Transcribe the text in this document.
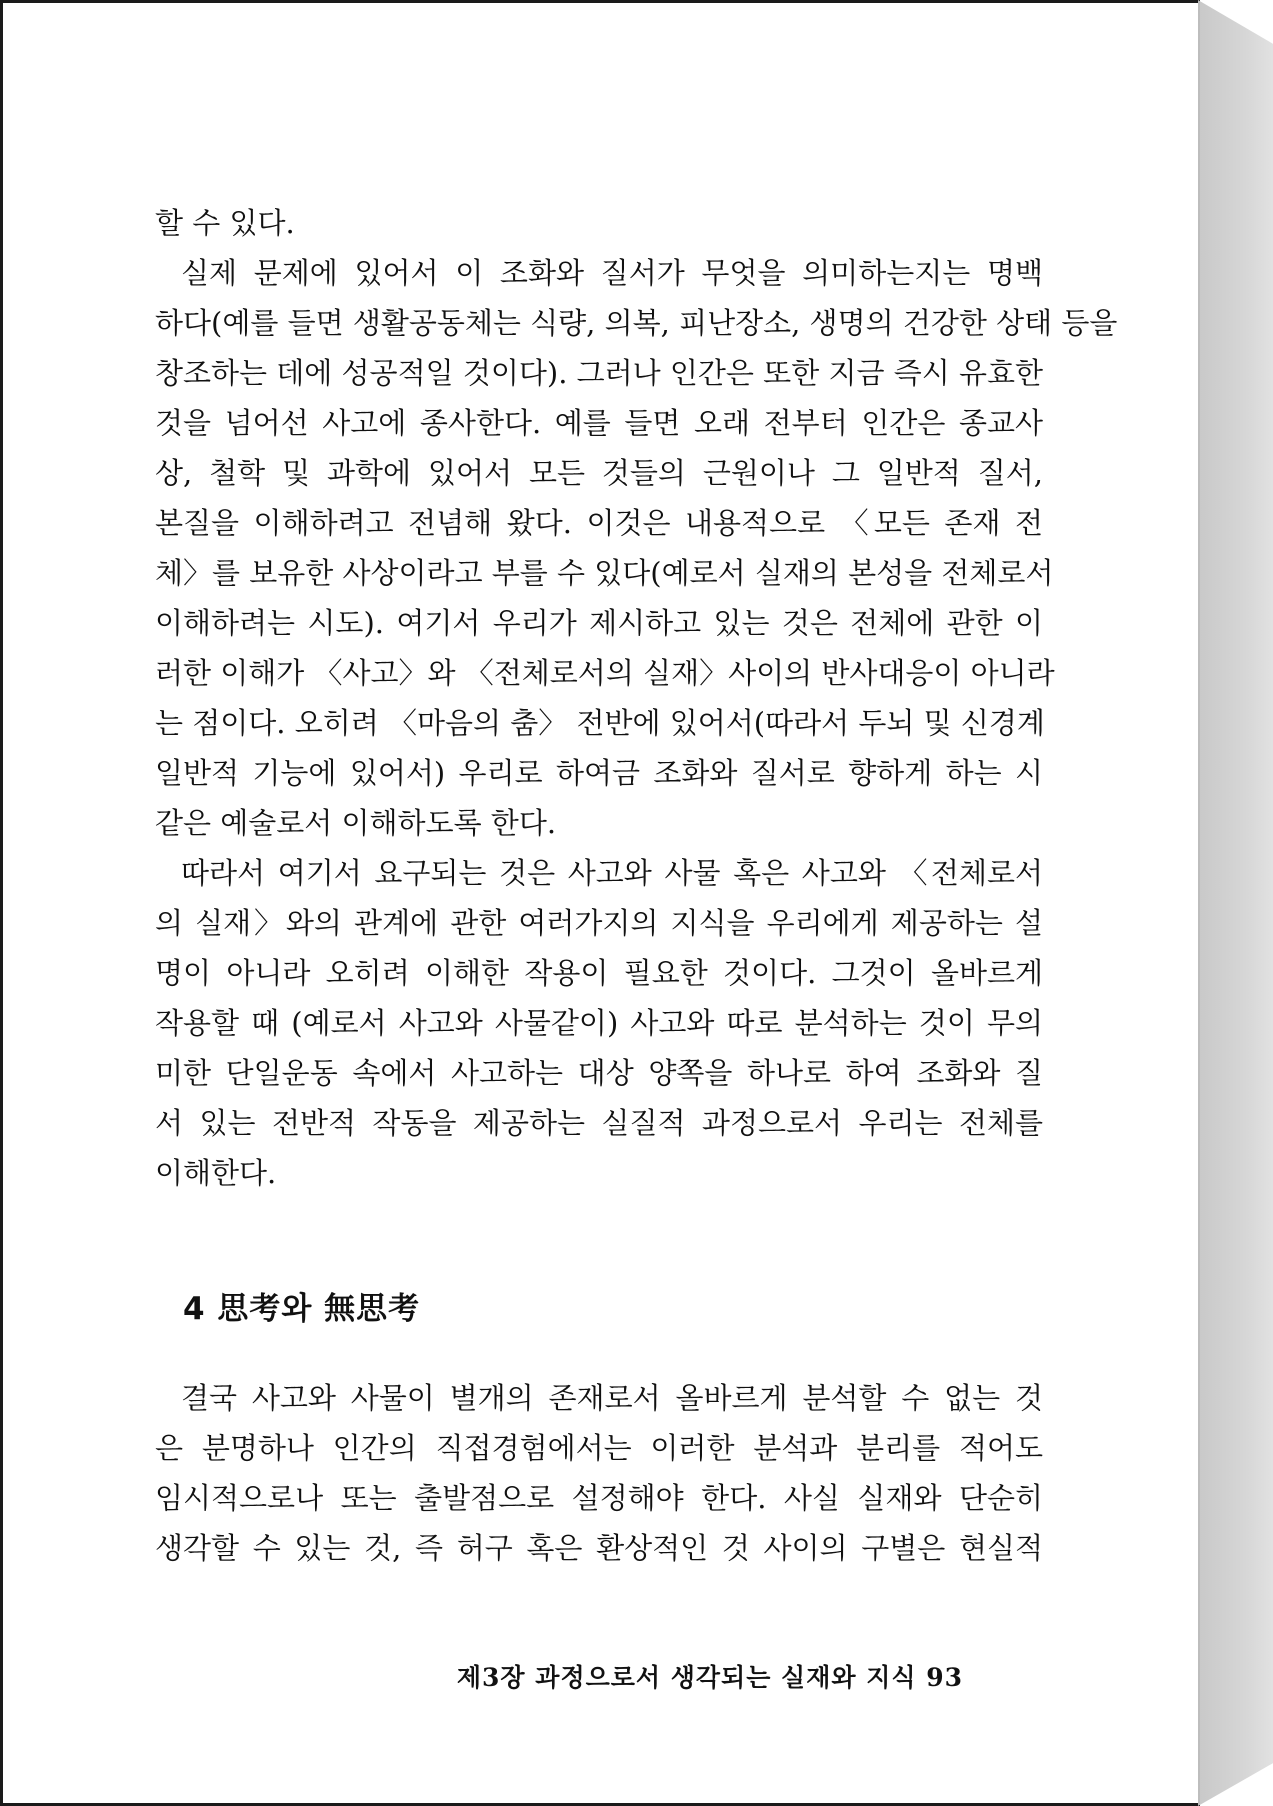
할 수 있다.
실제 문제에 있어서 이 조화와 질서가 무엇을 의미하는지는 명백
하다(예를 들면 생활공동체는 식량, 의복, 피난장소, 생명의 건강한 상태 등을
창조하는 데에 성공적일 것이다). 그러나 인간은 또한 지금 즉시 유효한
것을 넘어선 사고에 종사한다. 예를 들면 오래 전부터 인간은 종교사
상, 철학 및 과학에 있어서 모든 것들의 근원이나 그 일반적 질서,
본질을 이해하려고 전념해 왔다. 이것은 내용적으로 〈모든 존재 전
체〉를 보유한 사상이라고 부를 수 있다(예로서 실재의 본성을 전체로서
이해하려는 시도). 여기서 우리가 제시하고 있는 것은 전체에 관한 이
러한 이해가 〈사고〉와 〈전체로서의 실재〉사이의 반사대응이 아니라
는 점이다. 오히려 〈마음의 춤〉 전반에 있어서(따라서 두뇌 및 신경계
일반적 기능에 있어서) 우리로 하여금 조화와 질서로 향하게 하는 시
같은 예술로서 이해하도록 한다.
따라서 여기서 요구되는 것은 사고와 사물 혹은 사고와 〈전체로서
의 실재〉와의 관계에 관한 여러가지의 지식을 우리에게 제공하는 설
명이 아니라 오히려 이해한 작용이 필요한 것이다. 그것이 올바르게
작용할 때 (예로서 사고와 사물같이) 사고와 따로 분석하는 것이 무의
미한 단일운동 속에서 사고하는 대상 양쪽을 하나로 하여 조화와 질
서 있는 전반적 작동을 제공하는 실질적 과정으로서 우리는 전체를
이해한다.
4 思考와 無思考
결국 사고와 사물이 별개의 존재로서 올바르게 분석할 수 없는 것
은 분명하나 인간의 직접경험에서는 이러한 분석과 분리를 적어도
임시적으로나 또는 출발점으로 설정해야 한다. 사실 실재와 단순히
생각할 수 있는 것, 즉 허구 혹은 환상적인 것 사이의 구별은 현실적
제3장 과정으로서 생각되는 실재와 지식 93
